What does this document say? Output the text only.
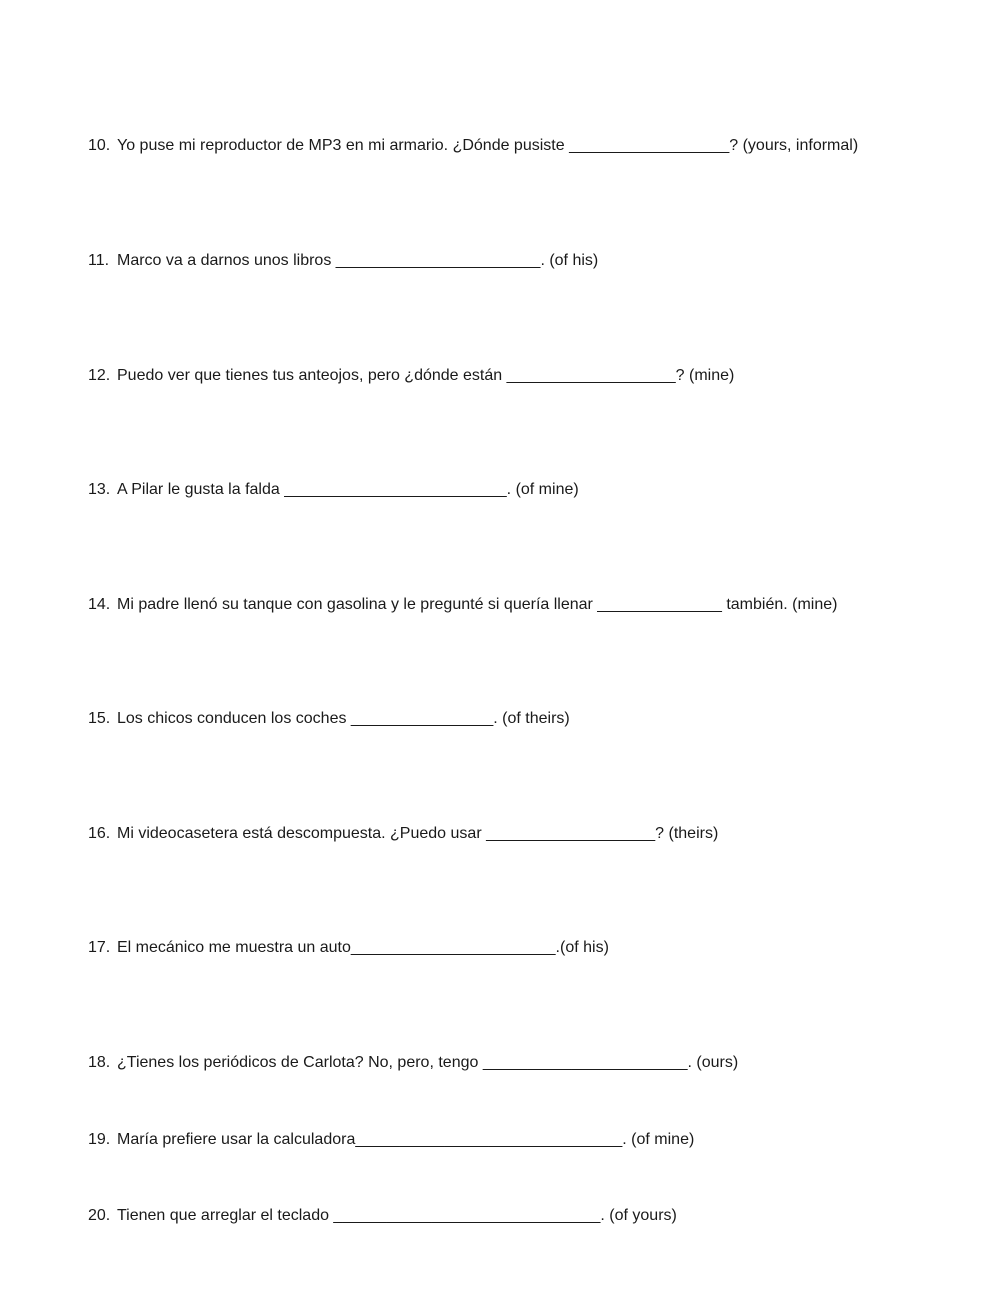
10. Yo puse mi reproductor de MP3 en mi armario. ¿Dónde pusiste __________________? (yours, informal)
11. Marco va a darnos unos libros _______________________. (of his)
12. Puedo ver que tienes tus anteojos, pero ¿dónde están ___________________? (mine)
13. A Pilar le gusta la falda _________________________. (of mine)
14. Mi padre llenó su tanque con gasolina y le pregunté si quería llenar ______________ también. (mine)
15. Los chicos conducen los coches ________________. (of theirs)
16. Mi videocasetera está descompuesta. ¿Puedo usar ___________________? (theirs)
17. El mecánico me muestra un auto_______________________.(of his)
18. ¿Tienes los periódicos de Carlota? No, pero, tengo _______________________. (ours)
19. María prefiere usar la calculadora______________________________. (of mine)
20. Tienen que arreglar el teclado ______________________________. (of yours)
